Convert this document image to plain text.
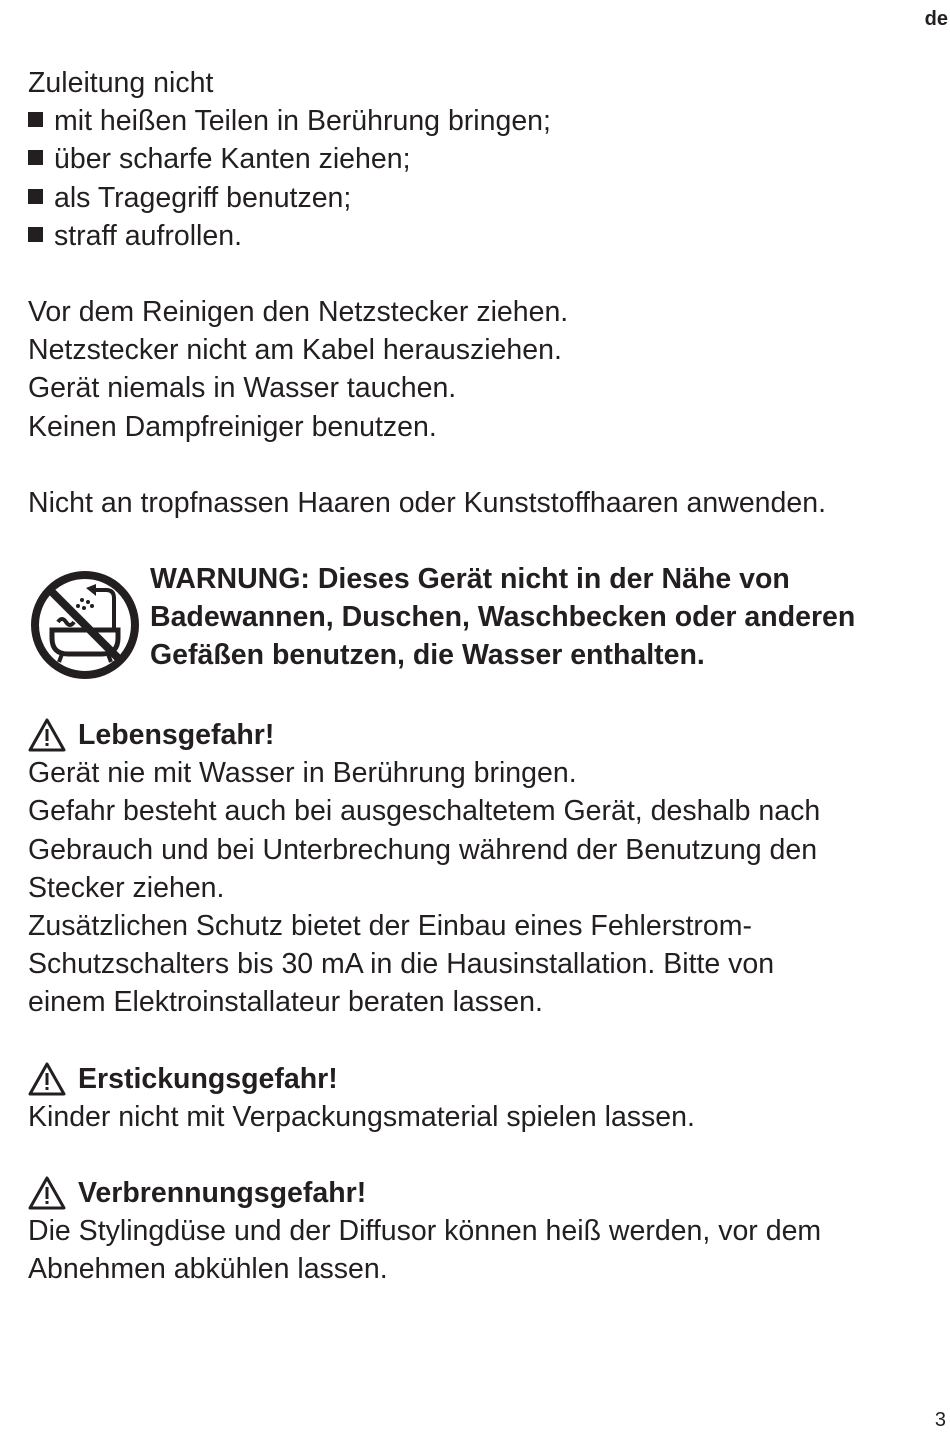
de
Zuleitung nicht
mit heißen Teilen in Berührung bringen;
über scharfe Kanten ziehen;
als Tragegriff benutzen;
straff aufrollen.
Vor dem Reinigen den Netzstecker ziehen.
Netzstecker nicht am Kabel herausziehen.
Gerät niemals in Wasser tauchen.
Keinen Dampfreiniger benutzen.
Nicht an tropfnassen Haaren oder Kunststoffhaaren anwenden.
WARNUNG: Dieses Gerät nicht in der Nähe von
Badewannen, Duschen, Waschbecken oder anderen
Gefäßen benutzen, die Wasser enthalten.
Lebensgefahr!
Gerät nie mit Wasser in Berührung bringen.
Gefahr besteht auch bei ausgeschaltetem Gerät, deshalb nach
Gebrauch und bei Unterbrechung während der Benutzung den
Stecker ziehen.
Zusätzlichen Schutz bietet der Einbau eines Fehlerstrom-
Schutzschalters bis 30 mA in die Hausinstallation. Bitte von
einem Elektroinstallateur beraten lassen.
Erstickungsgefahr!
Kinder nicht mit Verpackungsmaterial spielen lassen.
Verbrennungsgefahr!
Die Stylingdüse und der Diffusor können heiß werden, vor dem
Abnehmen abkühlen lassen.
3
